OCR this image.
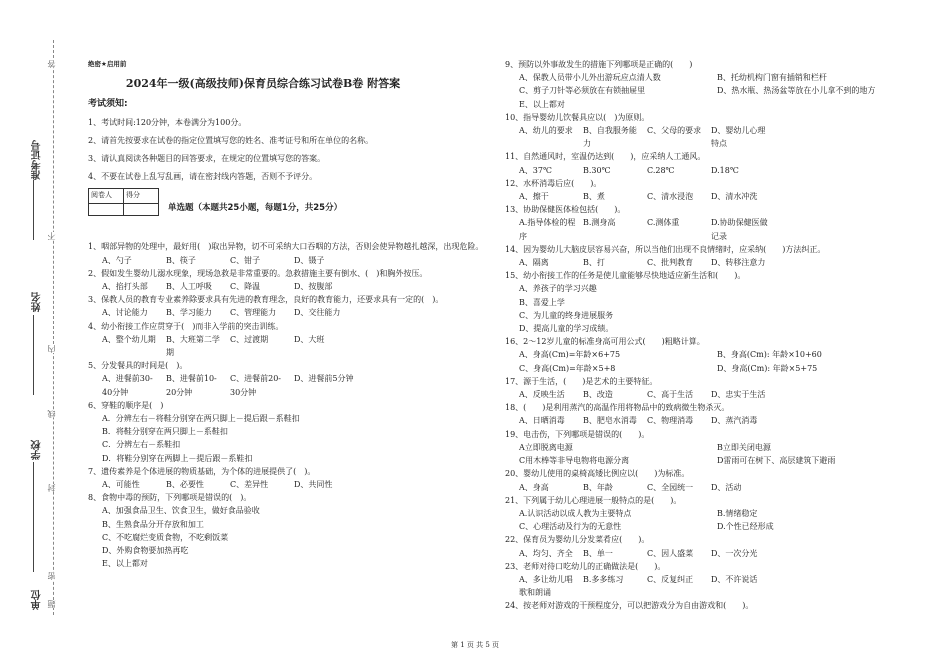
准考证号
姓名
学校
单位
答
不
内
线
封
密
题
绝密★启用前
2024年一级(高级技师)保育员综合练习试卷B卷 附答案
考试须知:

1、考试时间:120分钟，本卷满分为100分。

2、请首先按要求在试卷的指定位置填写您的姓名、准考证号和所在单位的名称。

3、请认真阅读各种题目的回答要求，在规定的位置填写您的答案。

4、不要在试卷上乱写乱画，请在密封线内答题，否则不予评分。

阅卷人	得分

单选题（本题共25小题，每题1分，共25分）
1、咽部异物的处理中，最好用(　)取出异物，切不可采纳大口吞咽的方法，否则会使异物越扎越深，出现危险。
A、勺子	B、筷子	C、钳子	D、镊子
2、假如发生婴幼儿溺水现象，现场急救是非常重要的。急救措施主要有倒水、(　)和胸外按压。
A、掐打头部	B、人工呼吸	C、降温	D、按腹部
3、保教人员的教育专业素养除要求具有先进的教育理念，良好的教育能力，还要求具有一定的(　)。
A、讨论能力	B、学习能力	C、管理能力	D、交往能力
4、幼小衔接工作应贯穿于(　)而非入学前的突击训练。
A、整个幼儿期	B、大班第二学期
C、过渡期	D、大班
5、分发餐具的时间是(　)。
A、进餐前30-40分钟
B、进餐前10-20分钟
C、进餐前20-30分钟
D、进餐前5分钟
6、穿鞋的顺序是(　)
A．分辨左右－将鞋分别穿在两只脚上－提后跟－系鞋扣
B．将鞋分别穿在两只脚上－系鞋扣
C．分辨左右－系鞋扣
D．将鞋分别穿在两脚上－提后跟－系鞋扣
7、遗传素养是个体进展的物质基础，为个体的进展提供了(　)。
A、可能性	B、必要性	C、差异性	D、共同性
8、食物中毒的预防，下列哪项是错误的(　)。
A、加强食品卫生、饮食卫生，做好食品验收
B、生熟食品分开存放和加工
C、不吃腐烂变质食物，不吃剩饭菜
D、外购食物要加热再吃
E、以上都对
9、预防以外事故发生的措施下列哪项是正确的(　　)
A、保教人员带小儿外出游玩应点清人数	B、托幼机构门窗有插销和栏杆
C、剪子刀针等必须放在有锁抽屉里	D、热水瓶、热汤盆等放在小儿拿不到的地方
E、以上都对
10、指导婴幼儿饮餐具应以(　)为原则。
A、幼儿的要求	B、自我服务能力
C、父母的要求	D、婴幼儿心理特点
11、自然通风时，室温仍达到(　　)，应采纳人工通风。
A、37℃	B.30℃	C.28℃	D.18℃
12、水杯消毒后应(　　)。
A、擦干	B、煮	C、清水浸泡	D、清水冲洗
13、协助保健医体检包括(　　)。
A.指导体检的程序
B.测身高	C.测体重	D.协助保健医做记录
14、因为婴幼儿大脑皮层容易兴奋，所以当他们出现不良情绪时，应采纳(　　)方法纠正。
A、隔离	B、打	C、批判教育	D、转移注意力
15、幼小衔接工作的任务是使儿童能够尽快地适应新生活和(　　)。
A、养孩子的学习兴趣
B、喜爱上学
C、为儿童的终身进展服务
D、提高儿童的学习成绩。
16、2～12岁儿童的标准身高可用公式(　　)粗略计算。
A、身高(Cm)=年龄×6+75	B、身高(Cm): 年龄×10+60
C、身高(Cm)=年龄×5+8	D、身高(Cm): 年龄×5+75
17、源于生活，(　　)是艺术的主要特征。
A、反映生活	B、改造	C、高于生活	D、忠实于生活
18、(　　)是利用蒸汽的高温作用将物品中的致病微生物杀灭。
A、日晒消毒	B、肥皂水消毒	C、物理消毒	D、蒸汽消毒
19、电击伤，下列哪项是错误的(　　)。
A立即脱离电源	B立即关闭电源
C用木棒等非导电物将电源分离	D雷雨可在树下、高层建筑下避雨
20、婴幼儿使用的桌椅高矮比例应以(　　)为标准。
A、身高	B、年龄	C、全园统一	D、活动
21、下列属于幼儿心理进展一般特点的是(　　)。
A.认识活动以成人教为主要特点	B.情绪稳定
C、心理活动及行为的无意性	D.个性已经形成
22、保育员为婴幼儿分发菜肴应(　　)。
A、均匀、齐全	B、单一	C、因人盛菜	D、一次分光
23、老师对待口吃幼儿的正确做法是(　　)。
A、多让幼儿唱歌和朗诵
B.多多练习	C、反复纠正	D、不许说话
24、按老师对游戏的干预程度分，可以把游戏分为自由游戏和(　　)。
第 1 页 共 5 页
